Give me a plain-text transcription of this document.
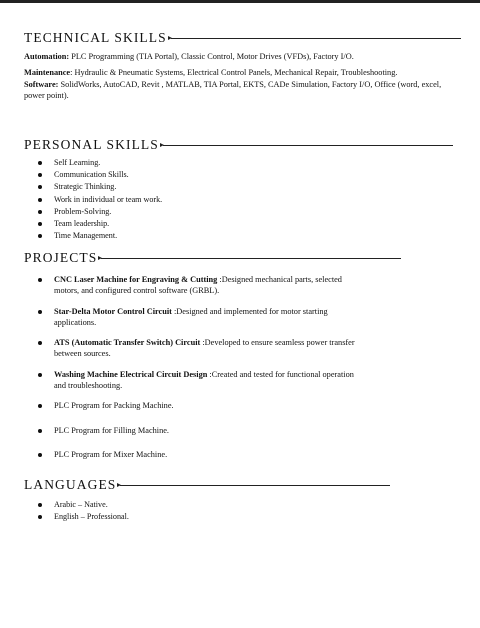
TECHNICAL SKILLS

Automation: PLC Programming (TIA Portal), Classic Control, Motor Drives (VFDs), Factory I/O.

Maintenance: Hydraulic & Pneumatic Systems, Electrical Control Panels, Mechanical Repair, Troubleshooting.

Software: SolidWorks, AutoCAD, Revit , MATLAB, TIA Portal, EKTS, CADe Simulation, Factory I/O, Office (word, excel, power point).

PERSONAL SKILLS
Self Learning.
Communication Skills.
Strategic Thinking.
Work in individual or team work.
Problem-Solving.
Team leadership.
Time Management.
PROJECTS
CNC Laser Machine for Engraving & Cutting :Designed mechanical parts, selected motors, and configured control software (GRBL).
Star-Delta Motor Control Circuit :Designed and implemented for motor starting applications.
ATS (Automatic Transfer Switch) Circuit :Developed to ensure seamless power transfer between sources.
Washing Machine Electrical Circuit Design :Created and tested for functional operation and troubleshooting.
PLC Program for Packing Machine.
PLC Program for Filling Machine.
PLC Program for Mixer Machine.
LANGUAGES
Arabic – Native.
English – Professional.
